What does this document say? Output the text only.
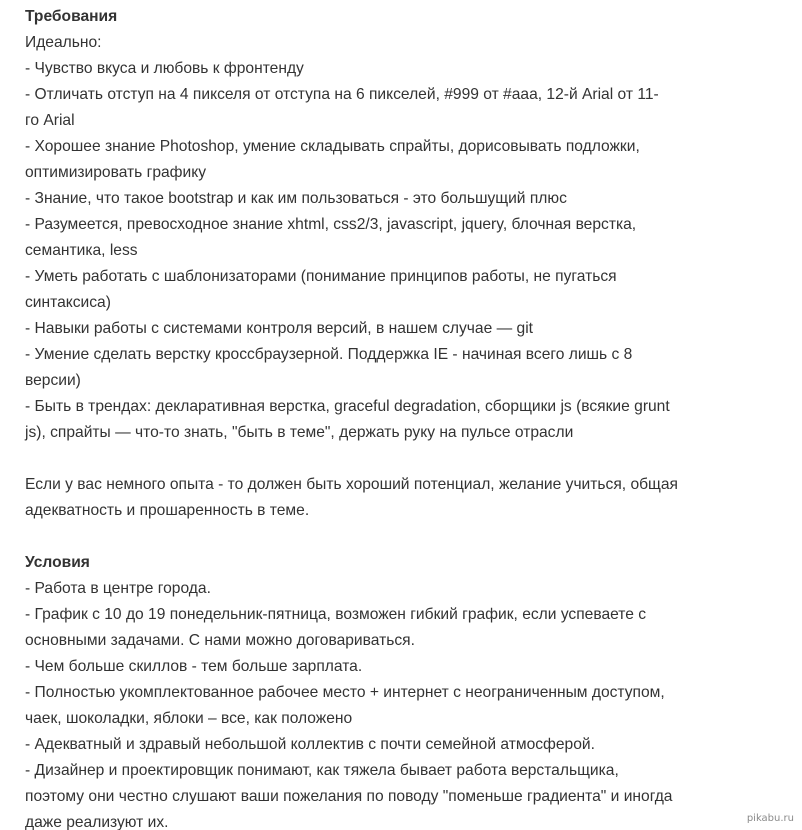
Требования
Идеально:
- Чувство вкуса и любовь к фронтенду
- Отличать отступ на 4 пикселя от отступа на 6 пикселей, #999 от #aaa, 12-й Arial от 11-
го Arial
- Хорошее знание Photoshop, умение складывать спрайты, дорисовывать подложки,
оптимизировать графику
- Знание, что такое bootstrap и как им пользоваться - это большущий плюс
- Разумеется, превосходное знание xhtml, css2/3, javascript, jquery, блочная верстка,
семантика, less
- Уметь работать с шаблонизаторами (понимание принципов работы, не пугаться
синтаксиса)
- Навыки работы с системами контроля версий, в нашем случае — git
- Умение сделать верстку кроссбраузерной. Поддержка IE - начиная всего лишь с 8
версии)
- Быть в трендах: декларативная верстка, graceful degradation, сборщики js (всякие grunt
js), спрайты — что-то знать, "быть в теме", держать руку на пульсе отрасли
Если у вас немного опыта - то должен быть хороший потенциал, желание учиться, общая
адекватность и прошаренность в теме.
Условия
- Работа в центре города.
- График с 10 до 19 понедельник-пятница, возможен гибкий график, если успеваете с
основными задачами. С нами можно договариваться.
- Чем больше скиллов - тем больше зарплата.
- Полностью укомплектованное рабочее место + интернет с неограниченным доступом,
чаек, шоколадки, яблоки – все, как положено
- Адекватный и здравый небольшой коллектив с почти семейной атмосферой.
- Дизайнер и проектировщик понимают, как тяжела бывает работа верстальщика,
поэтому они честно слушают ваши пожелания по поводу "поменьше градиента" и иногда
даже реализуют их.	pikabu.ru
